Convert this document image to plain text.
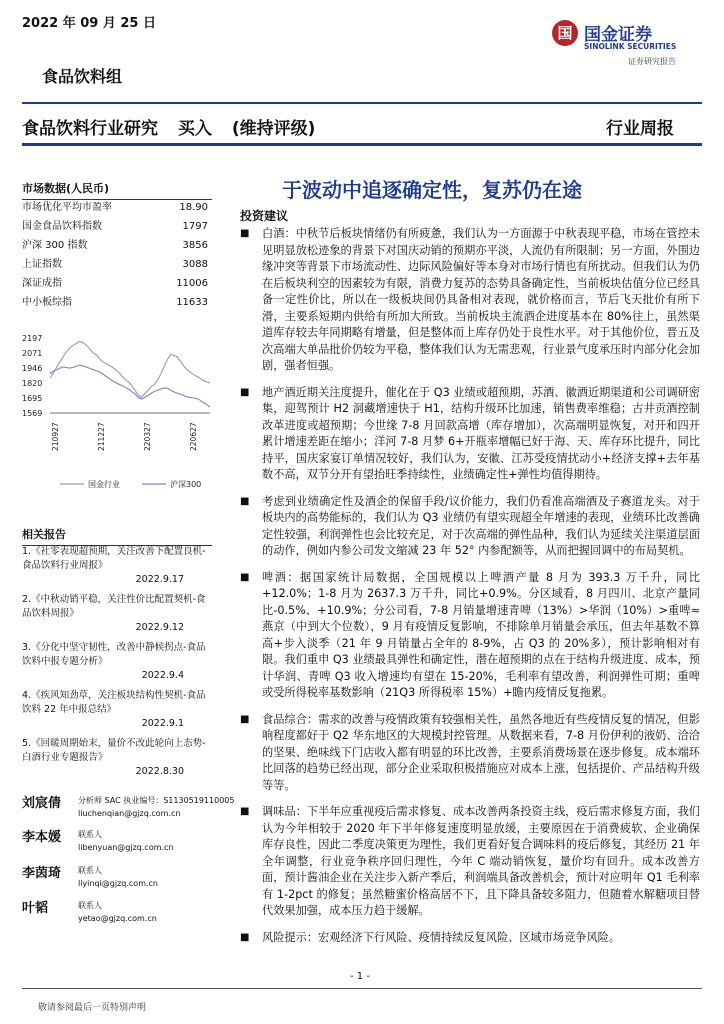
2022 年 09 月 25 日
国 国金证券
SINOLINK SECURITIES
证券研究报告
食品饮料组
食品饮料行业研究 买入 (维持评级)	行业周报
市场数据(人民币)
市场优化平均市盈率	18.90
国金食品饮料指数	1797
沪深 300 指数	3856
上证指数	3088
深证成指	11006
中小板综指	11633
2197
2071
1946
1820
1695
1569
210927	211227	220327	220627
国金行业	沪深300
相关报告
1.《社零表现超预期，关注改善下配置良机-食品饮料行业周报》
2022.9.17
2.《中秋动销平稳，关注性价比配置契机-食品饮料周报》
2022.9.12
3.《分化中坚守韧性，改善中静候拐点-食品饮料中报专题分析》
2022.9.4
4.《疾风知劲草，关注板块结构性契机-食品饮料 22 年中报总结》
2022.9.1
5.《回暖周期始末，量价不改此轮向上态势-白酒行业专题报告》
2022.8.30
刘宸倩 分析师 SAC 执业编号：S1130519110005
liuchenqian@gjzq.com.cn
李本媛 联系人
libenyuan@gjzq.com.cn
李茵琦 联系人
liyinqi@gjzq.com.cn
叶韬	联系人
yetao@gjzq.com.cn
于波动中追逐确定性，复苏仍在途
投资建议
■ 白酒：中秋节后板块情绪仍有所疲惫，我们认为一方面源于中秋表现平稳，市场在管控未见明显放松迹象的背景下对国庆动销的预期亦平淡，人流仍有所限制；另一方面，外围边缘冲突等背景下市场流动性、边际风险偏好等本身对市场行情也有所扰动。但我们认为仍在后板块利空的因素较为有限，消费力复苏的态势具备确定性，当前板块估值分位已经具备一定性价比，所以在一级板块间仍具备相对表现，就价格而言，节后飞天批价有所下滑，主要系短期内供给有所加大所致。当前板块主流酒企进度基本在 80%往上，虽然渠道库存较去年同期略有增量，但是整体而上库存仍处于良性水平。对于其他价位，晋五及次高端大单品批价仍较为平稳，整体我们认为无需悲观，行业景气度承压时内部分化会加剧，强者恒强。
■ 地产酒近期关注度提升，催化在于 Q3 业绩或超预期，苏酒、徽酒近期渠道和公司调研密集，迎驾预计 H2 洞藏增速快于 H1，结构升级环比加速，销售费率维稳；古井贡酒控制改革进度或超预期；今世缘 7-8 月回款高增（库存增加），次高端明显恢复，对开和四开累计增速差距在缩小；洋河 7-8 月梦 6+开瓶率增幅已好于海、天、库存环比提升，同比持平，国庆家宴订单情况较好，我们认为，安徽、江苏受疫情扰动小+经济支撑+去年基数不高，双节分开有望抬旺季持续性，业绩确定性+弹性均值得期待。
■ 考虑到业绩确定性及酒企的保留手段/议价能力，我们仍看准高端酒及子赛道龙头。对于板块内的高势能标的，我们认为 Q3 业绩仍有望实现超全年增速的表现，业绩环比改善确定性较强，利润弹性也会比较充足，对于次高端的弹性品种，我们认为延续关注渠道层面的动作，例如内参公司发文缩减 23 年 52° 内参配额等，从而把握回调中的布局契机。
■ 啤酒：据国家统计局数据，全国规模以上啤酒产量 8 月为 393.3 万千升，同比+12.0%；1-8 月为 2637.3 万千升，同比+0.9%。分区域看，8 月四川、北京产量同比-0.5%、+10.9%；分公司看，7-8 月销量增速青啤（13%）>华润（10%）>重啤≈燕京（中到大个位数），9 月有疫情反复影响，不排除单月销量会承压，但去年基数不算高+步入淡季（21 年 9 月销量占全年的 8-9%，占 Q3 的 20%多），预计影响相对有限。我们重申 Q3 业绩最具弹性和确定性，潜在超预期的点在于结构升级进度、成本，预计华润、青啤 Q3 收入增速均有望在 15-20%，毛利率有望改善，利润弹性可期；重啤或受所得税率基数影响（21Q3 所得税率 15%）+瞻内疫情反复拖累。
■ 食品综合：需求的改善与疫情政策有较强相关性，虽然各地近有些疫情反复的情况，但影响程度都好于 Q2 华东地区的大规模封控管理。从数据来看，7-8 月份伊利的液奶、洽洽的坚果、绝味线下门店收入都有明显的环比改善，主要系消费场景在逐步修复。成本端环比回落的趋势已经出现，部分企业采取积极措施应对成本上涨，包括提价、产品结构升级等等。
■ 调味品：下半年应重视疫后需求修复、成本改善两条投资主线，疫后需求修复方面，我们认为今年相较于 2020 年下半年修复速度明显放缓，主要原因在于消费疲软、企业确保库存良性，因此二季度决策更为理性，我们更看好复合调味料的疫后修复，其经历 21 年全年调整，行业竞争秩序回归理性，今年 C 端动销恢复，量价均有回升。成本改善方面，预计酱油企业在关注步入新产季后，利润端具备改善机会，预计对应明年 Q1 毛利率有 1-2pct 的修复；虽然糖蜜价格高居不下，且下降具备较多阻力，但随着水解糖项目替代效果加强，成本压力趋于缓解。
■ 风险提示：宏观经济下行风险、疫情持续反复风险、区域市场竞争风险。
- 1 -
敬请参阅最后一页特别声明
